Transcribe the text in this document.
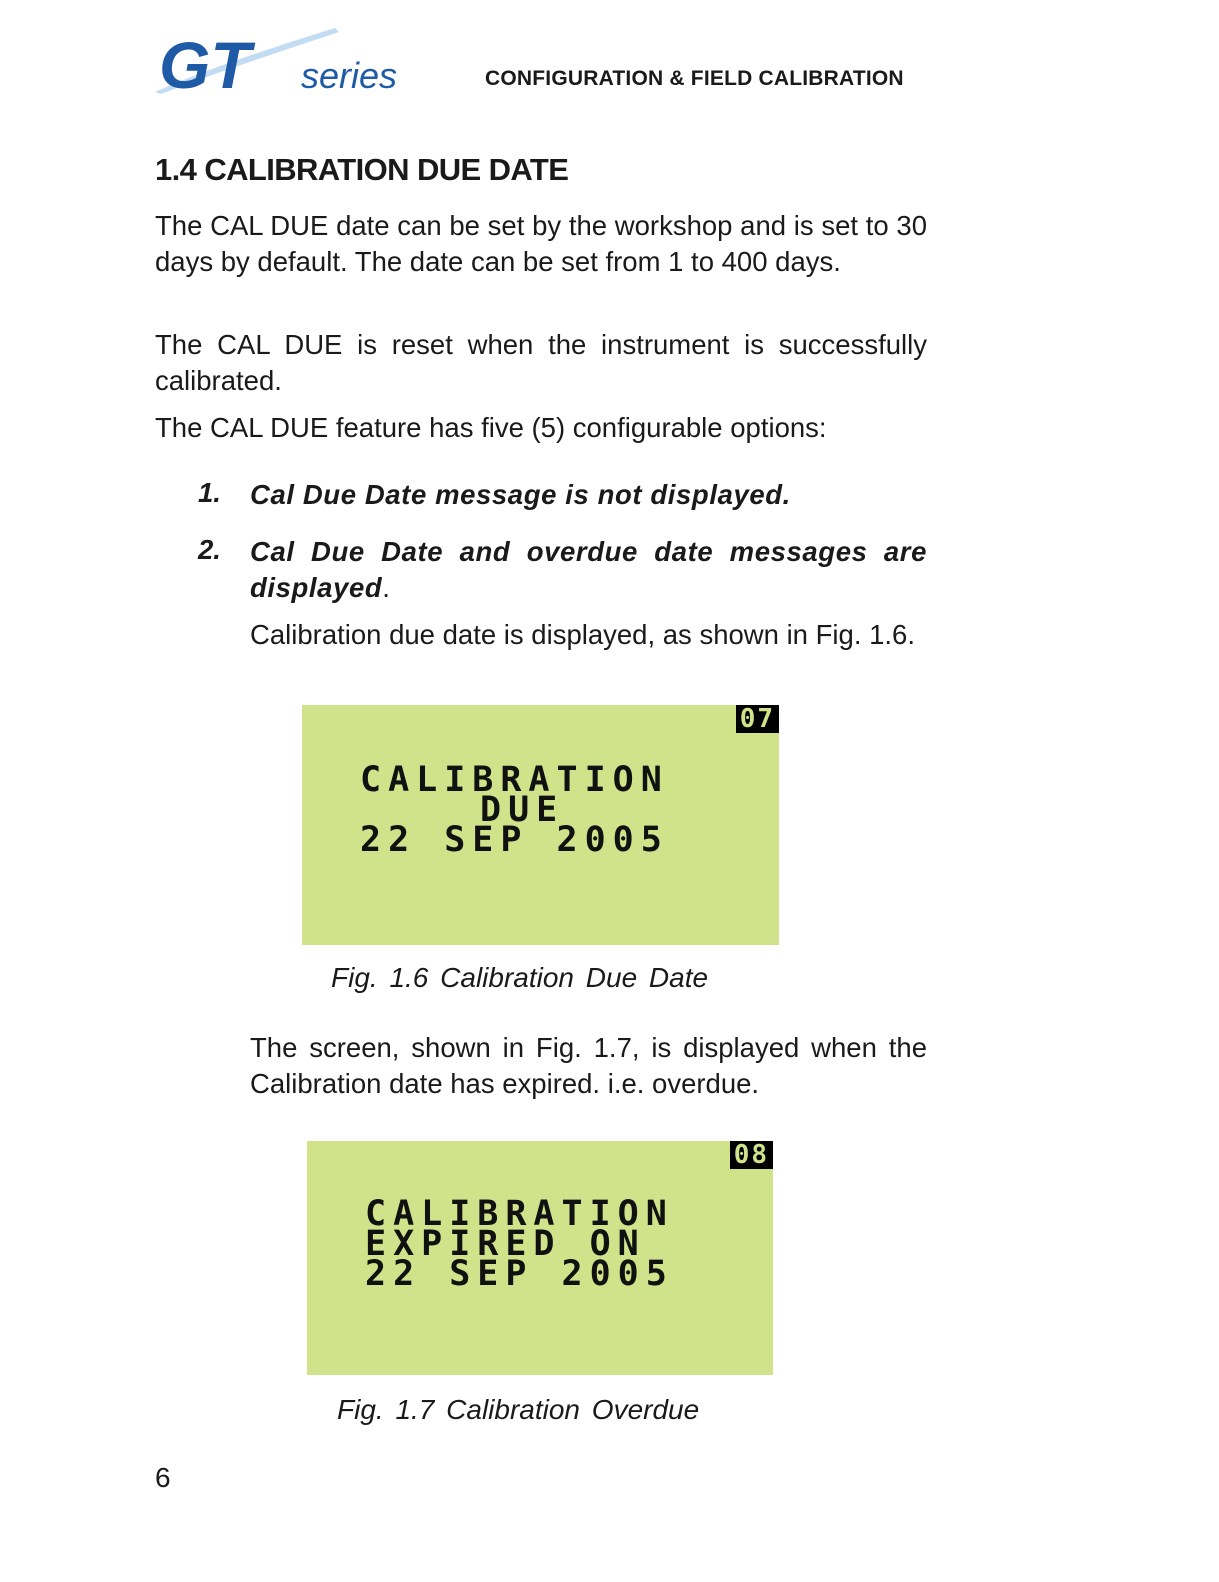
GT series	CONFIGURATION & FIELD CALIBRATION
1.4 CALIBRATION DUE DATE

The CAL DUE date can be set by the workshop and is set to 30 days by default. The date can be set from 1 to 400 days.

The CAL DUE is reset when the instrument is successfully calibrated.

The CAL DUE feature has five (5) configurable options:

1. Cal Due Date message is not displayed.
2. Cal Due Date and overdue date messages are displayed.

Calibration due date is displayed, as shown in Fig. 1.6.

07
CALIBRATION
DUE
22 SEP 2005
Fig. 1.6 Calibration Due Date

The screen, shown in Fig. 1.7, is displayed when the Calibration date has expired. i.e. overdue.

08
CALIBRATION
EXPIRED ON
22 SEP 2005
Fig. 1.7 Calibration Overdue
6
